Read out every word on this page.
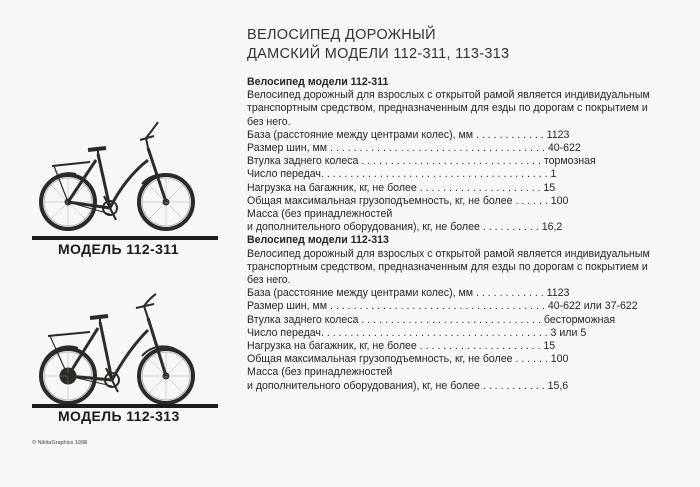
ВЕЛОСИПЕД ДОРОЖНЫЙ
ДАМСКИЙ МОДЕЛИ 112-311, 113-313
МОДЕЛЬ 112-311
МОДЕЛЬ 112-313
Велосипед модели 112-311
Велосипед дорожный для взрослых с открытой рамой является индивидуальным транспортным средством, предназначенным для езды по дорогам с покрытием и без него.
База (расстояние между центрами колес), мм . . . . . . . . . . . . 1123
Размер шин, мм . . . . . . . . . . . . . . . . . . . . . . . . . . . . . . . . . . . . . 40-622
Втулка заднего колеса . . . . . . . . . . . . . . . . . . . . . . . . . . . . . . . тормозная
Число передач. . . . . . . . . . . . . . . . . . . . . . . . . . . . . . . . . . . . . . . 1
Нагрузка на багажник, кг, не более . . . . . . . . . . . . . . . . . . . . . 15
Общая максимальная грузоподъемность, кг, не более . . . . . . 100
Масса (без принадлежностей
и дополнительного оборудования), кг, не более . . . . . . . . . . 16,2
Велосипед модели 112-313
Велосипед дорожный для взрослых с открытой рамой является индивидуальным транспортным средством, предназначенным для езды по дорогам с покрытием и без него.
База (расстояние между центрами колес), мм . . . . . . . . . . . . 1123
Размер шин, мм . . . . . . . . . . . . . . . . . . . . . . . . . . . . . . . . . . . . . 40-622 или 37-622
Втулка заднего колеса . . . . . . . . . . . . . . . . . . . . . . . . . . . . . . . бесторможная
Число передач. . . . . . . . . . . . . . . . . . . . . . . . . . . . . . . . . . . . . . . 3 или 5
Нагрузка на багажник, кг, не более . . . . . . . . . . . . . . . . . . . . . 15
Общая максимальная грузоподъемность, кг, не более . . . . . . 100
Масса (без принадлежностей
и дополнительного оборудования), кг, не более . . . . . . . . . . . 15,6
© NikitaGraphics 1998
